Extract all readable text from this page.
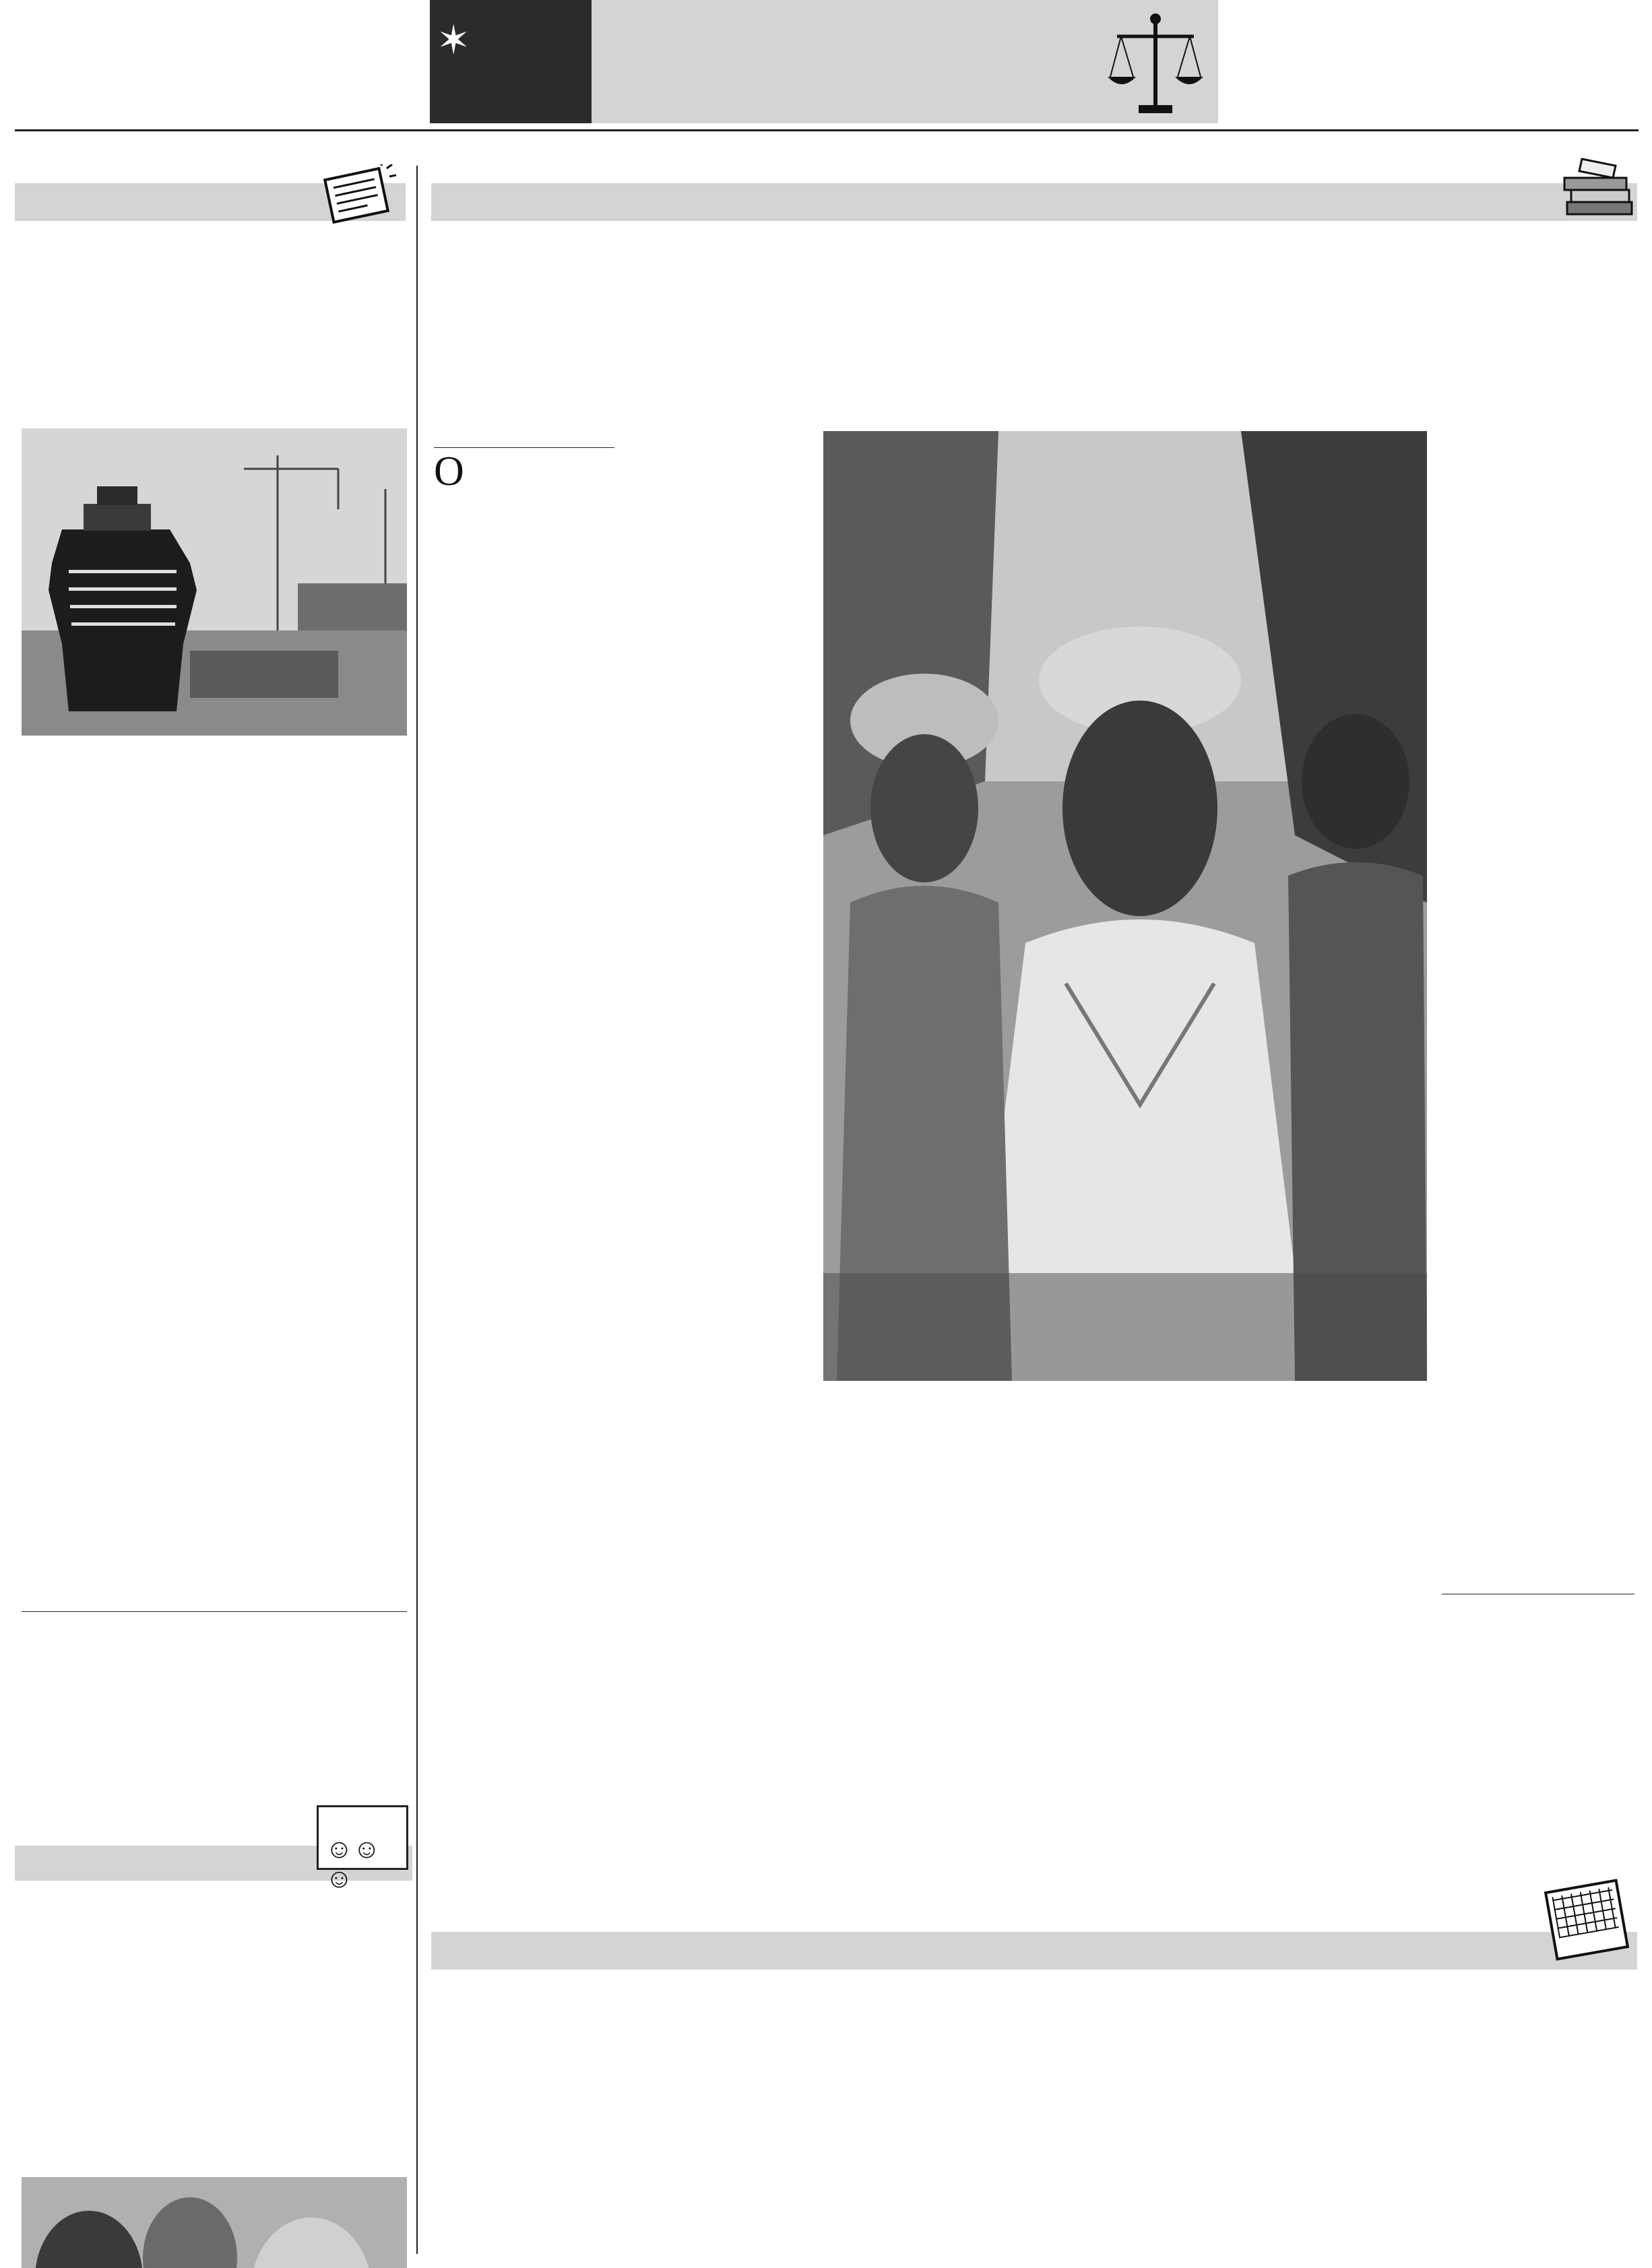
✶

O

☺☺☺
